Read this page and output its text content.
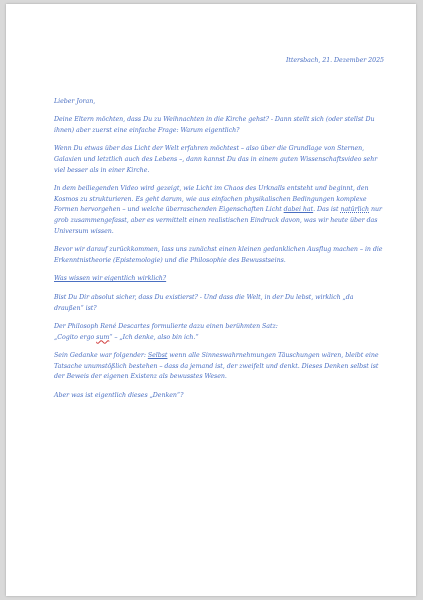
Ittersbach, 21. Dezember 2025
Lieber Joran,
Deine Eltern möchten, dass Du zu Weihnachten in die Kirche gehst? - Dann stellt sich (oder stellst Du ihnen) aber zuerst eine einfache Frage: Warum eigentlich?
Wenn Du etwas über das Licht der Welt erfahren möchtest – also über die Grundlage von Sternen, Galaxien und letztlich auch des Lebens –, dann kannst Du das in einem guten Wissenschaftsvideo sehr viel besser als in einer Kirche.
In dem beiliegenden Video wird gezeigt, wie Licht im Chaos des Urknalls entsteht und beginnt, den Kosmos zu strukturieren. Es geht darum, wie aus einfachen physikalischen Bedingungen komplexe Formen hervorgehen – und welche überraschenden Eigenschaften Licht dabei hat. Das ist natürlich nur grob zusammengefasst, aber es vermittelt einen realistischen Eindruck davon, was wir heute über das Universum wissen.
Bevor wir darauf zurückkommen, lass uns zunächst einen kleinen gedanklichen Ausflug machen – in die Erkenntnistheorie (Epistemologie) und die Philosophie des Bewusstseins.
Was wissen wir eigentlich wirklich?
Bist Du Dir absolut sicher, dass Du existierst? - Und dass die Welt, in der Du lebst, wirklich „da draußen“ ist?
Der Philosoph René Descartes formulierte dazu einen berühmten Satz:
„Cogito ergo sum“ – „Ich denke, also bin ich.“
Sein Gedanke war folgender: Selbst wenn alle Sinneswahrnehmungen Täuschungen wären, bleibt eine Tatsache unumstößlich bestehen – dass da jemand ist, der zweifelt und denkt. Dieses Denken selbst ist der Beweis der eigenen Existenz als bewusstes Wesen.
Aber was ist eigentlich dieses „Denken“?
